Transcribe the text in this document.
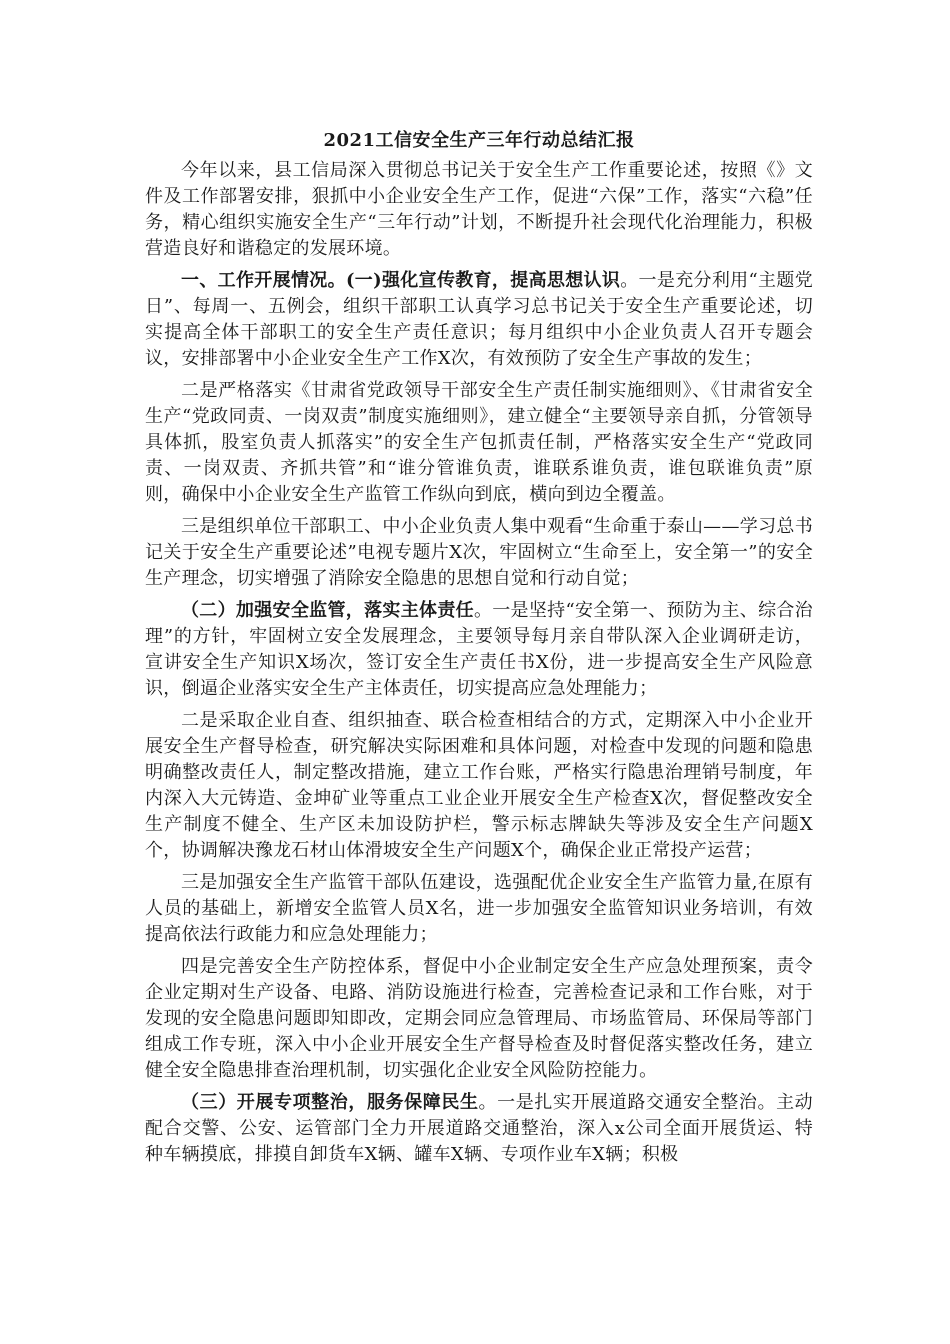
2021工信安全生产三年行动总结汇报

今年以来，县工信局深入贯彻总书记关于安全生产工作重要论述，按照《》文件及工作部署安排，狠抓中小企业安全生产工作，促进“六保”工作，落实“六稳”任务，精心组织实施安全生产“三年行动”计划，不断提升社会现代化治理能力，积极营造良好和谐稳定的发展环境。

一、工作开展情况。(一)强化宣传教育，提高思想认识。一是充分利用“主题党日”、每周一、五例会，组织干部职工认真学习总书记关于安全生产重要论述，切实提高全体干部职工的安全生产责任意识；每月组织中小企业负责人召开专题会议，安排部署中小企业安全生产工作X次，有效预防了安全生产事故的发生；

二是严格落实《甘肃省党政领导干部安全生产责任制实施细则》、《甘肃省安全生产“党政同责、一岗双责”制度实施细则》，建立健全“主要领导亲自抓，分管领导具体抓，股室负责人抓落实”的安全生产包抓责任制，严格落实安全生产“党政同责、一岗双责、齐抓共管”和“谁分管谁负责，谁联系谁负责，谁包联谁负责”原则，确保中小企业安全生产监管工作纵向到底，横向到边全覆盖。

三是组织单位干部职工、中小企业负责人集中观看“生命重于泰山——学习总书记关于安全生产重要论述”电视专题片X次，牢固树立“生命至上，安全第一”的安全生产理念，切实增强了消除安全隐患的思想自觉和行动自觉；

（二）加强安全监管，落实主体责任。一是坚持“安全第一、预防为主、综合治理”的方针，牢固树立安全发展理念，主要领导每月亲自带队深入企业调研走访，宣讲安全生产知识X场次，签订安全生产责任书X份，进一步提高安全生产风险意识，倒逼企业落实安全生产主体责任，切实提高应急处理能力；

二是采取企业自查、组织抽查、联合检查相结合的方式，定期深入中小企业开展安全生产督导检查，研究解决实际困难和具体问题，对检查中发现的问题和隐患明确整改责任人，制定整改措施，建立工作台账，严格实行隐患治理销号制度，年内深入大元铸造、金坤矿业等重点工业企业开展安全生产检查X次，督促整改安全生产制度不健全、生产区未加设防护栏，警示标志牌缺失等涉及安全生产问题X个，协调解决豫龙石材山体滑坡安全生产问题X个，确保企业正常投产运营；

三是加强安全生产监管干部队伍建设，选强配优企业安全生产监管力量,在原有人员的基础上，新增安全监管人员X名，进一步加强安全监管知识业务培训，有效提高依法行政能力和应急处理能力；

四是完善安全生产防控体系，督促中小企业制定安全生产应急处理预案，责令企业定期对生产设备、电路、消防设施进行检查，完善检查记录和工作台账，对于发现的安全隐患问题即知即改，定期会同应急管理局、市场监管局、环保局等部门组成工作专班，深入中小企业开展安全生产督导检查及时督促落实整改任务，建立健全安全隐患排查治理机制，切实强化企业安全风险防控能力。

（三）开展专项整治，服务保障民生。一是扎实开展道路交通安全整治。主动配合交警、公安、运管部门全力开展道路交通整治，深入x公司全面开展货运、特种车辆摸底，排摸自卸货车X辆、罐车X辆、专项作业车X辆；积极
